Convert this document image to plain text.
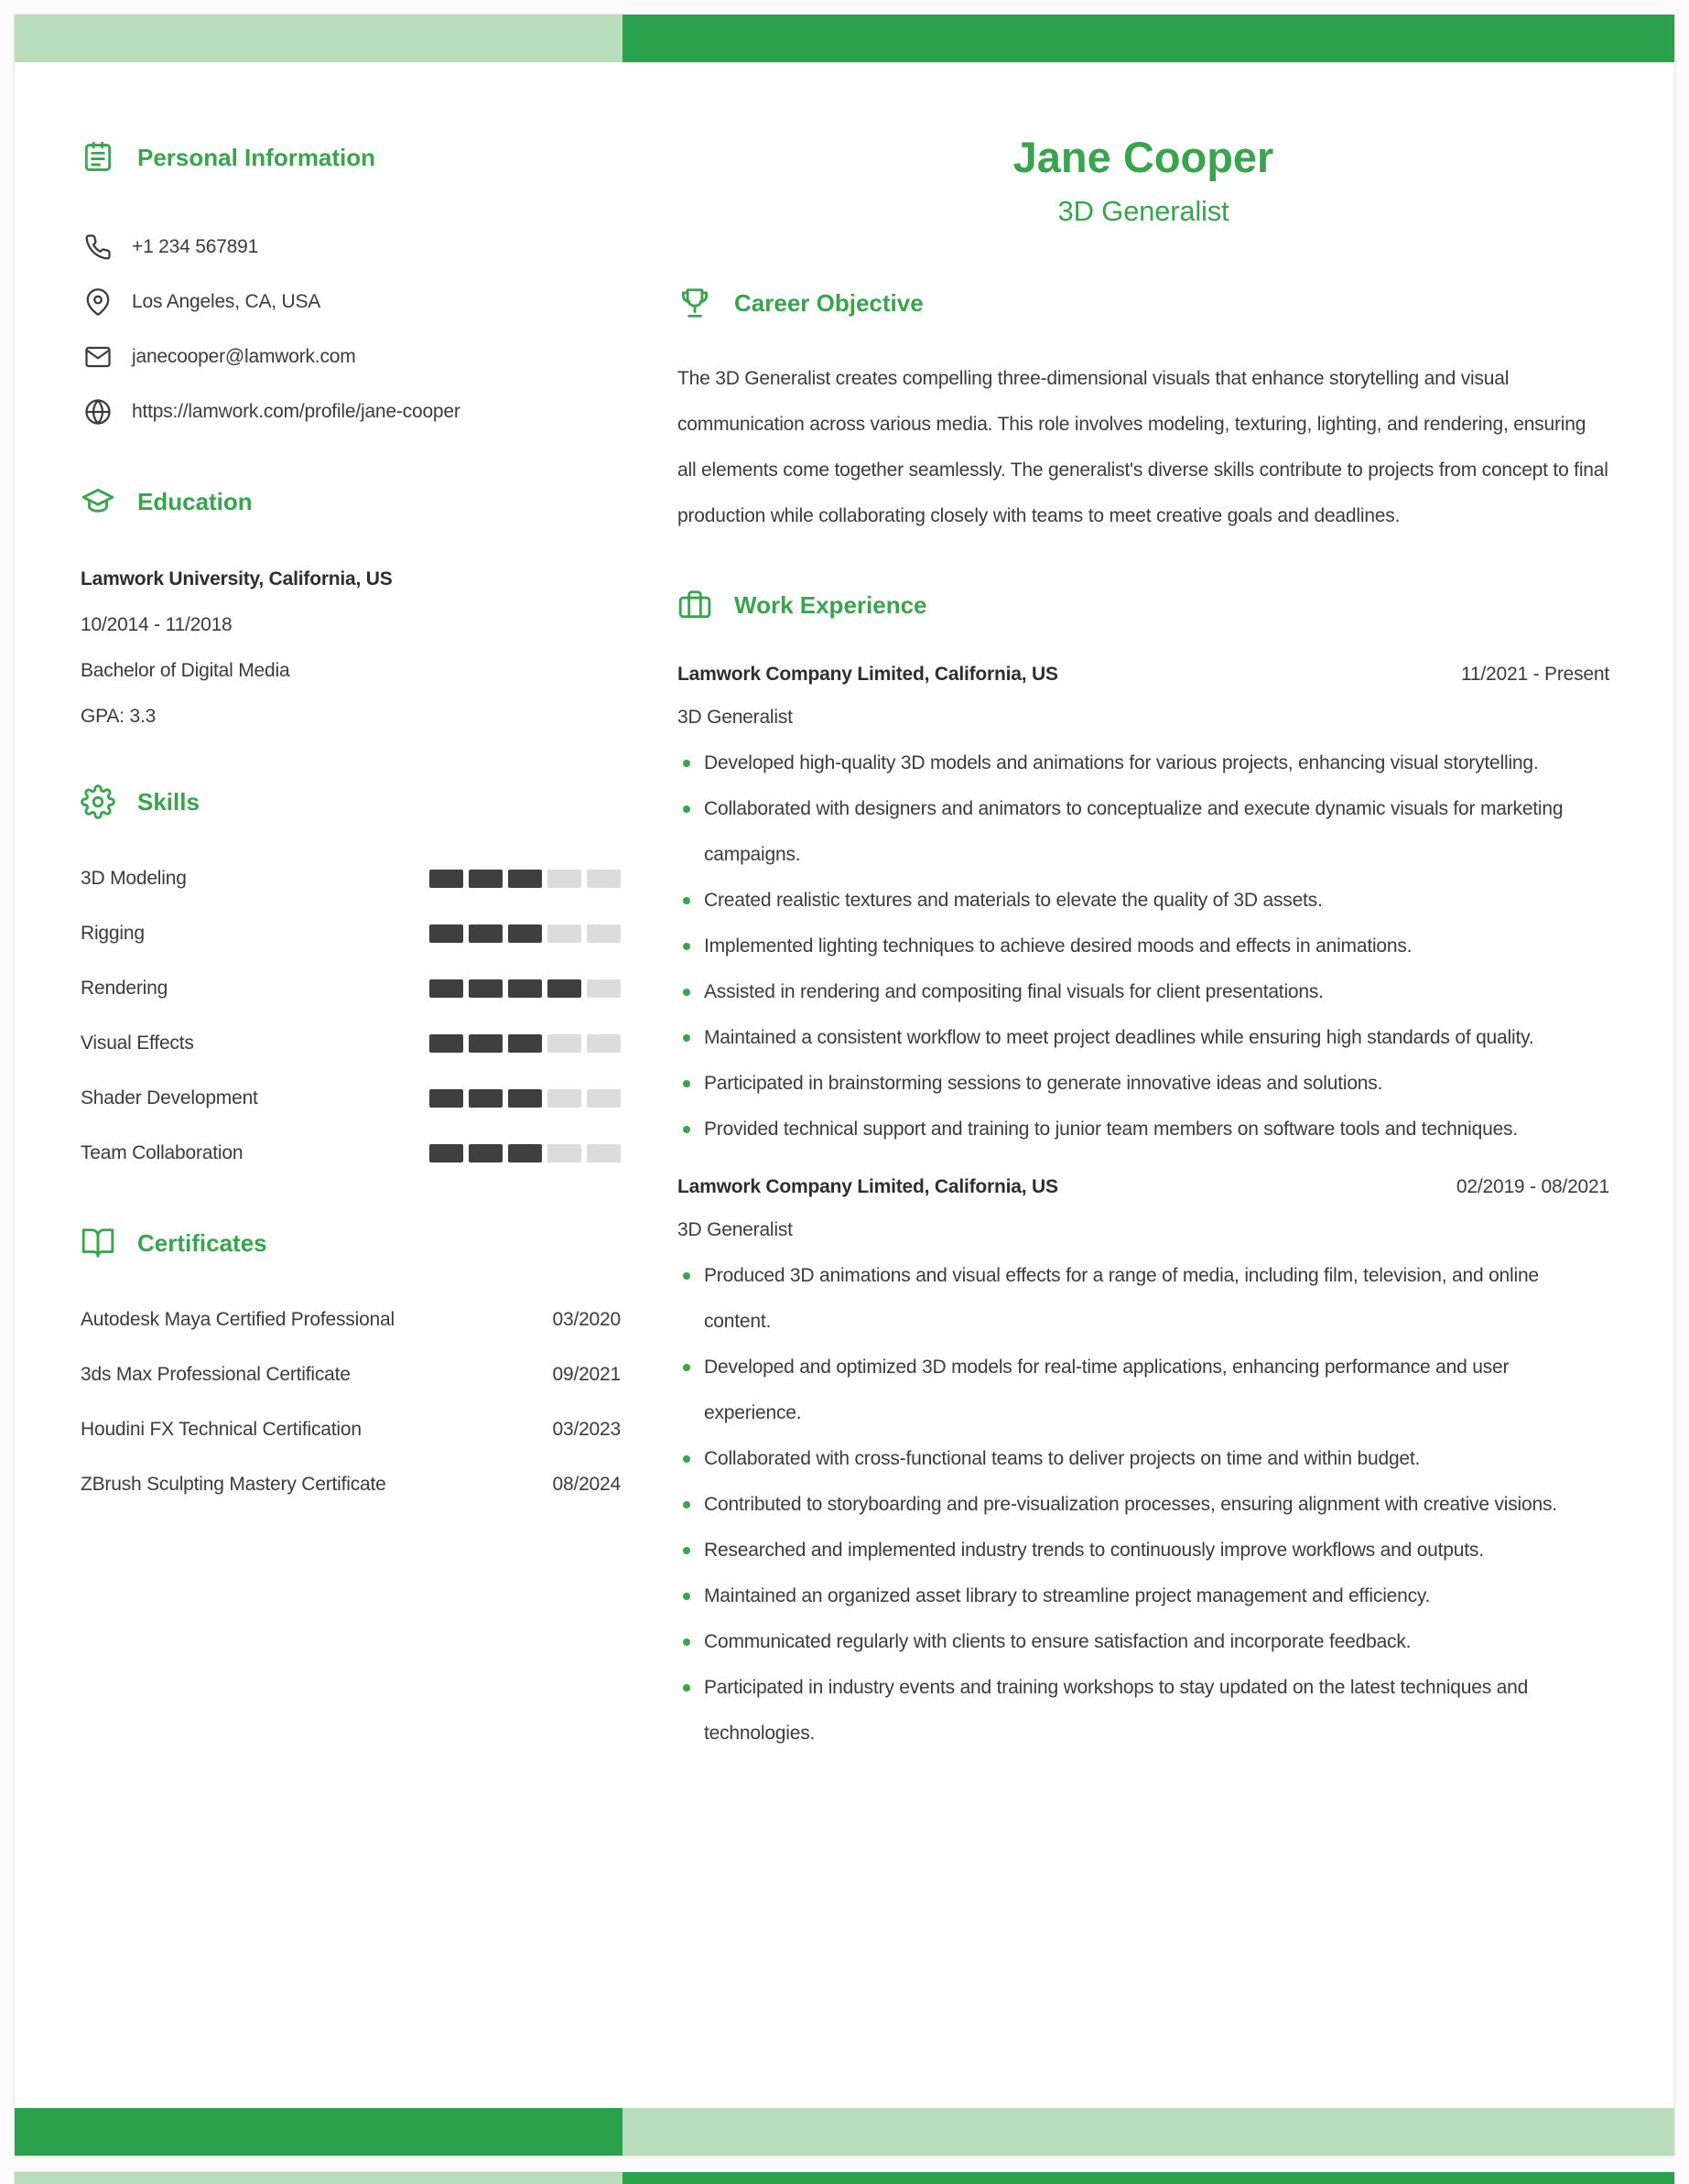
Personal Information
+1 234 567891
Los Angeles, CA, USA
janecooper@lamwork.com
https://lamwork.com/profile/jane-cooper
Education
Lamwork University, California, US
10/2014 - 11/2018
Bachelor of Digital Media
GPA: 3.3
Skills
3D Modeling
Rigging
Rendering
Visual Effects
Shader Development
Team Collaboration
Certificates
Autodesk Maya Certified Professional	03/2020
3ds Max Professional Certificate	09/2021
Houdini FX Technical Certification	03/2023
ZBrush Sculpting Mastery Certificate	08/2024
Jane Cooper
3D Generalist
Career Objective

The 3D Generalist creates compelling three-dimensional visuals that enhance storytelling and visual communication across various media. This role involves modeling, texturing, lighting, and rendering, ensuring all elements come together seamlessly. The generalist's diverse skills contribute to projects from concept to final production while collaborating closely with teams to meet creative goals and deadlines.

Work Experience
Lamwork Company Limited, California, US	11/2021 - Present
3D Generalist
Developed high-quality 3D models and animations for various projects, enhancing visual storytelling.
Collaborated with designers and animators to conceptualize and execute dynamic visuals for marketing campaigns.
Created realistic textures and materials to elevate the quality of 3D assets.
Implemented lighting techniques to achieve desired moods and effects in animations.
Assisted in rendering and compositing final visuals for client presentations.
Maintained a consistent workflow to meet project deadlines while ensuring high standards of quality.
Participated in brainstorming sessions to generate innovative ideas and solutions.
Provided technical support and training to junior team members on software tools and techniques.
Lamwork Company Limited, California, US	02/2019 - 08/2021
3D Generalist
Produced 3D animations and visual effects for a range of media, including film, television, and online content.
Developed and optimized 3D models for real-time applications, enhancing performance and user experience.
Collaborated with cross-functional teams to deliver projects on time and within budget.
Contributed to storyboarding and pre-visualization processes, ensuring alignment with creative visions.
Researched and implemented industry trends to continuously improve workflows and outputs.
Maintained an organized asset library to streamline project management and efficiency.
Communicated regularly with clients to ensure satisfaction and incorporate feedback.
Participated in industry events and training workshops to stay updated on the latest techniques and technologies.
